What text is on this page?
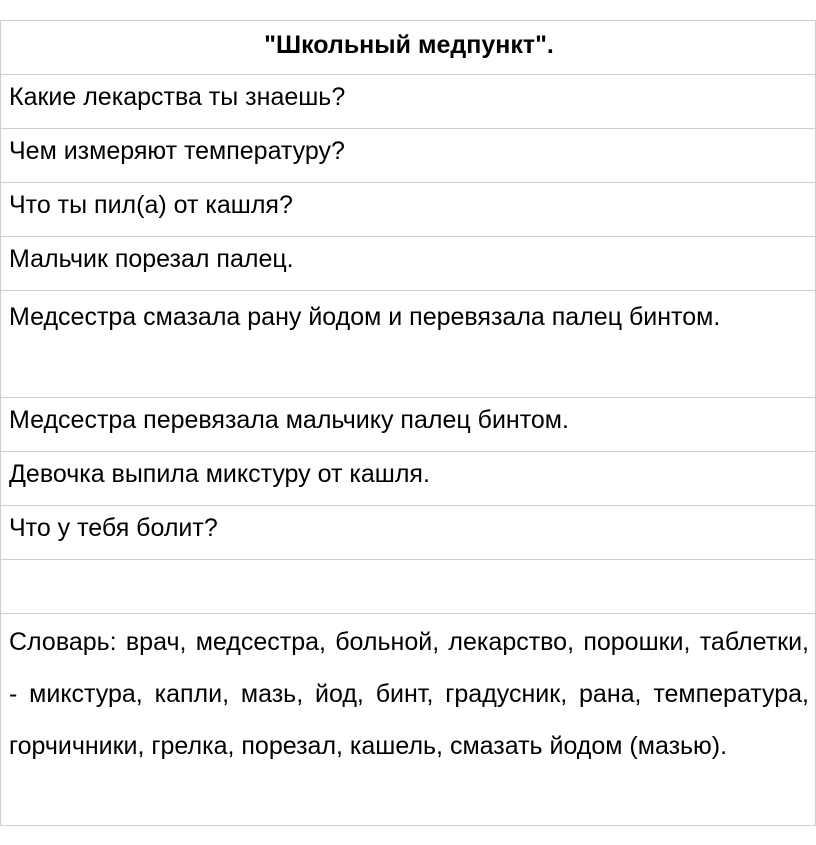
"Школьный медпункт".
Какие лекарства ты знаешь?
Чем измеряют температуру?
Что ты пил(а) от кашля?
Мальчик порезал палец.
Медсестра смазала рану йодом и перевязала палец бинтом.
Медсестра перевязала мальчику палец бинтом.
Девочка выпила микстуру от кашля.
Что у тебя болит?
Словарь: врач, медсестра, больной, лекарство, порошки, таблетки, - микстура, капли, мазь, йод, бинт, градусник, рана, температура, горчичники, грелка, порезал, кашель, смазать йодом (мазью).
